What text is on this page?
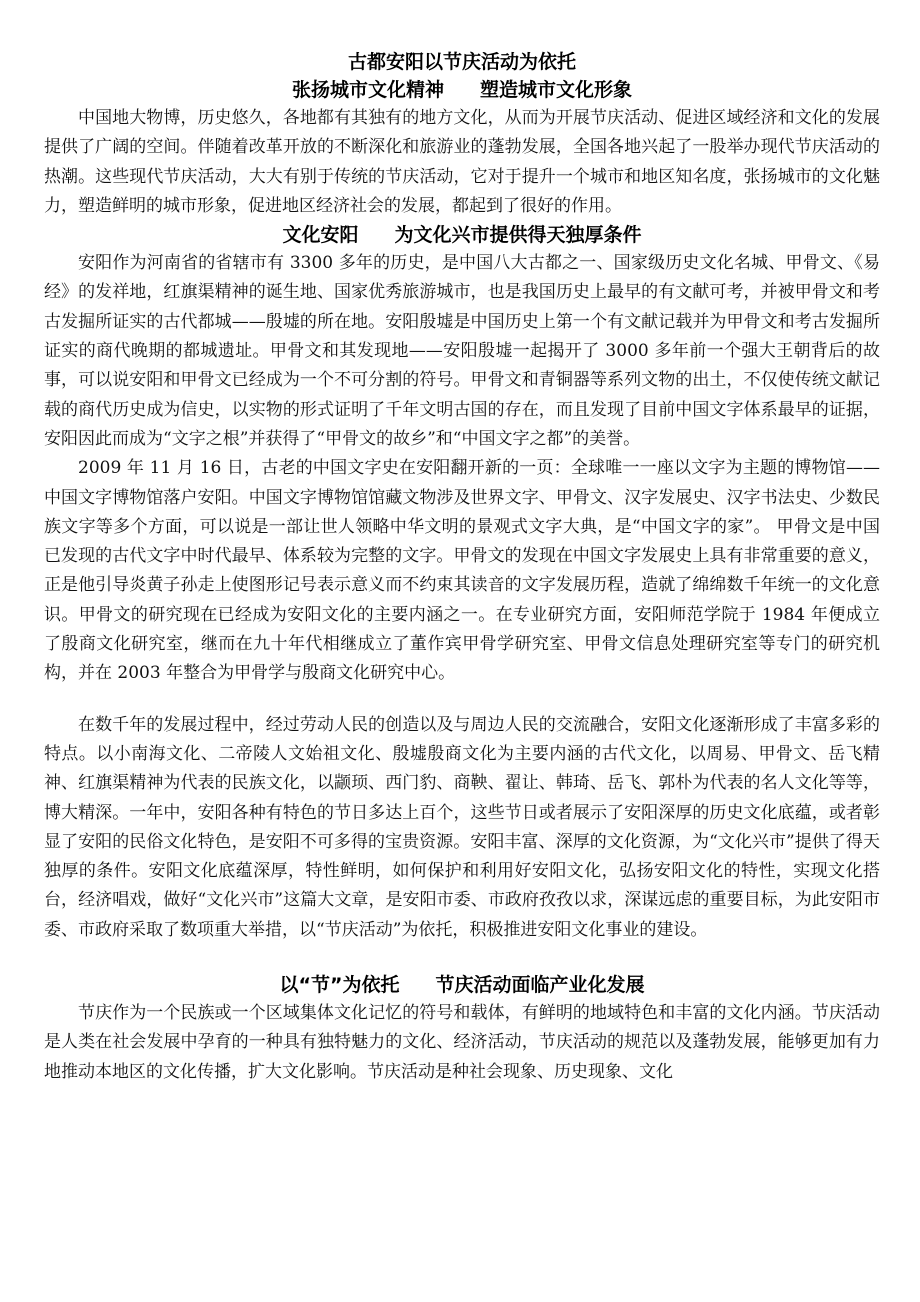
古都安阳以节庆活动为依托
张扬城市文化精神 塑造城市文化形象

中国地大物博，历史悠久，各地都有其独有的地方文化，从而为开展节庆活动、促进区域经济和文化的发展提供了广阔的空间。伴随着改革开放的不断深化和旅游业的蓬勃发展，全国各地兴起了一股举办现代节庆活动的热潮。这些现代节庆活动，大大有别于传统的节庆活动，它对于提升一个城市和地区知名度，张扬城市的文化魅力，塑造鲜明的城市形象，促进地区经济社会的发展，都起到了很好的作用。

文化安阳 为文化兴市提供得天独厚条件

安阳作为河南省的省辖市有 3300 多年的历史，是中国八大古都之一、国家级历史文化名城、甲骨文、《易经》的发祥地，红旗渠精神的诞生地、国家优秀旅游城市，也是我国历史上最早的有文献可考，并被甲骨文和考古发掘所证实的古代都城——殷墟的所在地。安阳殷墟是中国历史上第一个有文献记载并为甲骨文和考古发掘所证实的商代晚期的都城遗址。甲骨文和其发现地——安阳殷墟一起揭开了 3000 多年前一个强大王朝背后的故事，可以说安阳和甲骨文已经成为一个不可分割的符号。甲骨文和青铜器等系列文物的出土，不仅使传统文献记载的商代历史成为信史，以实物的形式证明了千年文明古国的存在，而且发现了目前中国文字体系最早的证据，安阳因此而成为“文字之根”并获得了“甲骨文的故乡”和“中国文字之都”的美誉。

2009 年 11 月 16 日，古老的中国文字史在安阳翻开新的一页：全球唯一一座以文字为主题的博物馆——中国文字博物馆落户安阳。中国文字博物馆馆藏文物涉及世界文字、甲骨文、汉字发展史、汉字书法史、少数民族文字等多个方面，可以说是一部让世人领略中华文明的景观式文字大典，是“中国文字的家”。 甲骨文是中国已发现的古代文字中时代最早、体系较为完整的文字。甲骨文的发现在中国文字发展史上具有非常重要的意义，正是他引导炎黄子孙走上使图形记号表示意义而不约束其读音的文字发展历程，造就了绵绵数千年统一的文化意识。甲骨文的研究现在已经成为安阳文化的主要内涵之一。在专业研究方面，安阳师范学院于 1984 年便成立了殷商文化研究室，继而在九十年代相继成立了董作宾甲骨学研究室、甲骨文信息处理研究室等专门的研究机构，并在 2003 年整合为甲骨学与殷商文化研究中心。

在数千年的发展过程中，经过劳动人民的创造以及与周边人民的交流融合，安阳文化逐渐形成了丰富多彩的特点。以小南海文化、二帝陵人文始祖文化、殷墟殷商文化为主要内涵的古代文化，以周易、甲骨文、岳飞精神、红旗渠精神为代表的民族文化，以颛顼、西门豹、商鞅、翟让、韩琦、岳飞、郭朴为代表的名人文化等等，博大精深。一年中，安阳各种有特色的节日多达上百个，这些节日或者展示了安阳深厚的历史文化底蕴，或者彰显了安阳的民俗文化特色，是安阳不可多得的宝贵资源。安阳丰富、深厚的文化资源，为“文化兴市”提供了得天独厚的条件。安阳文化底蕴深厚，特性鲜明，如何保护和利用好安阳文化，弘扬安阳文化的特性，实现文化搭台，经济唱戏，做好“文化兴市”这篇大文章，是安阳市委、市政府孜孜以求，深谋远虑的重要目标，为此安阳市委、市政府采取了数项重大举措，以“节庆活动”为依托，积极推进安阳文化事业的建设。

以“节”为依托 节庆活动面临产业化发展

节庆作为一个民族或一个区域集体文化记忆的符号和载体，有鲜明的地域特色和丰富的文化内涵。节庆活动是人类在社会发展中孕育的一种具有独特魅力的文化、经济活动，节庆活动的规范以及蓬勃发展，能够更加有力地推动本地区的文化传播，扩大文化影响。节庆活动是种社会现象、历史现象、文化
